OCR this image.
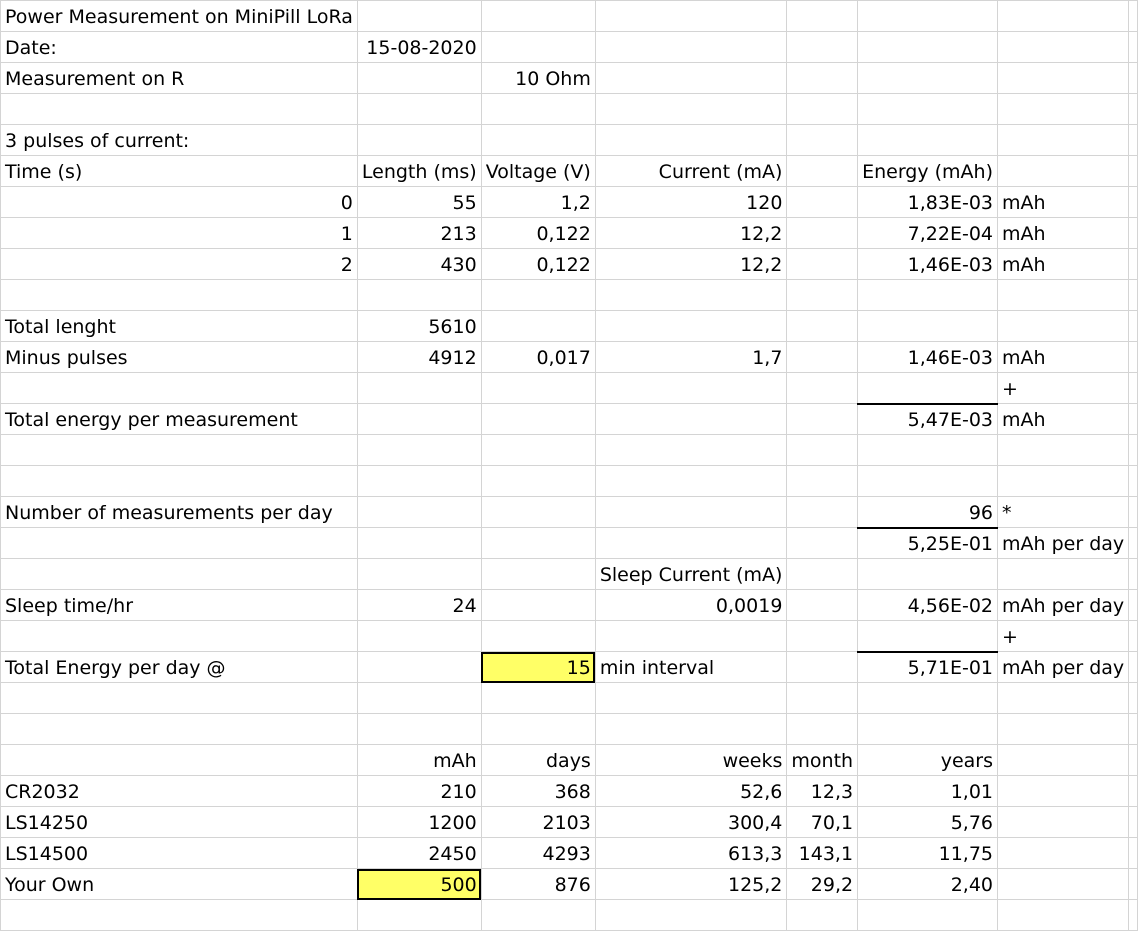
Power Measurement on MiniPill LoRa							
Date:	15-08-2020						
Measurement on R		10 Ohm					

3 pulses of current:							
Time (s)	Length (ms)	Voltage (V)	Current (mA)		Energy (mAh)		
0	55	1,2	120		1,83E-03	mAh	
1	213	0,122	12,2		7,22E-04	mAh	
2	430	0,122	12,2		1,46E-03	mAh	

Total lenght	5610						
Minus pulses	4912	0,017	1,7		1,46E-03	mAh	
						+	
Total energy per measurement					5,47E-03	mAh	

Number of measurements per day					96	*	
					5,25E-01	mAh per day	
			Sleep Current (mA)				
Sleep time/hr	24		0,0019		4,56E-02	mAh per day	
						+	
Total Energy per day @		15	min interval		5,71E-01	mAh per day	

	mAh	days	weeks	month	years		
CR2032	210	368	52,6	12,3	1,01		
LS14250	1200	2103	300,4	70,1	5,76		
LS14500	2450	4293	613,3	143,1	11,75		
Your Own	500	876	125,2	29,2	2,40		
